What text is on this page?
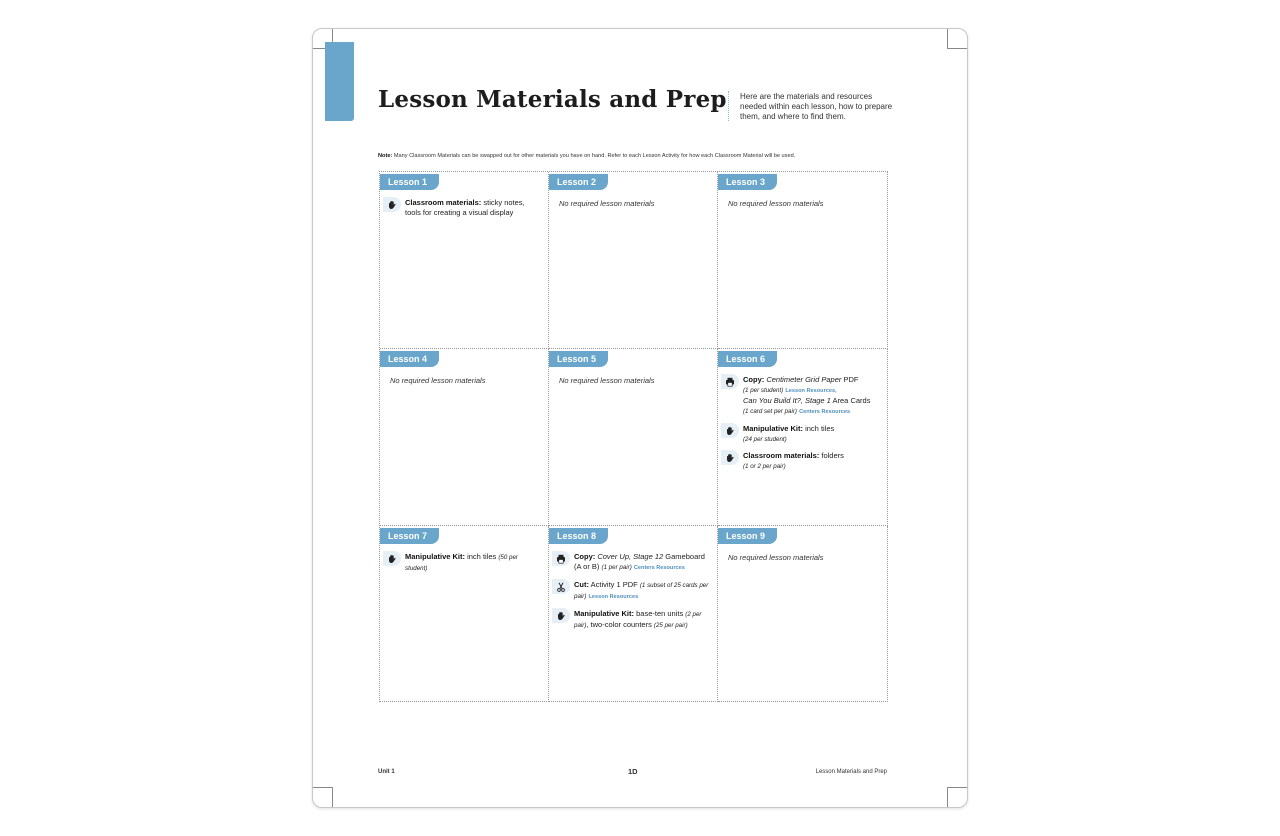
Lesson Materials and Prep Here are the materials and resources needed within each lesson, how to prepare them, and where to find them.
Note: Many Classroom Materials can be swapped out for other materials you have on hand. Refer to each Lesson Activity for how each Classroom Material will be used.
Lesson 1
Classroom materials: sticky notes, tools for creating a visual display
Lesson 2
No required lesson materials
Lesson 3
No required lesson materials
Lesson 4
No required lesson materials
Lesson 5
No required lesson materials
Lesson 6
Copy: Centimeter Grid Paper PDF
(1 per student) Lesson Resources,
Can You Build It?, Stage 1 Area Cards
(1 card set per pair) Centers Resources
Manipulative Kit: inch tiles
(24 per student)
Classroom materials: folders
(1 or 2 per pair)
Lesson 7
Manipulative Kit: inch tiles (50 per student)
Lesson 8
Copy: Cover Up, Stage 12 Gameboard (A or B) (1 per pair) Centers Resources
Cut: Activity 1 PDF (1 subset of 25 cards per pair) Lesson Resources
Manipulative Kit: base-ten units (2 per pair), two-color counters (25 per pair)
Lesson 9
No required lesson materials
Unit 1	1D	Lesson Materials and Prep
